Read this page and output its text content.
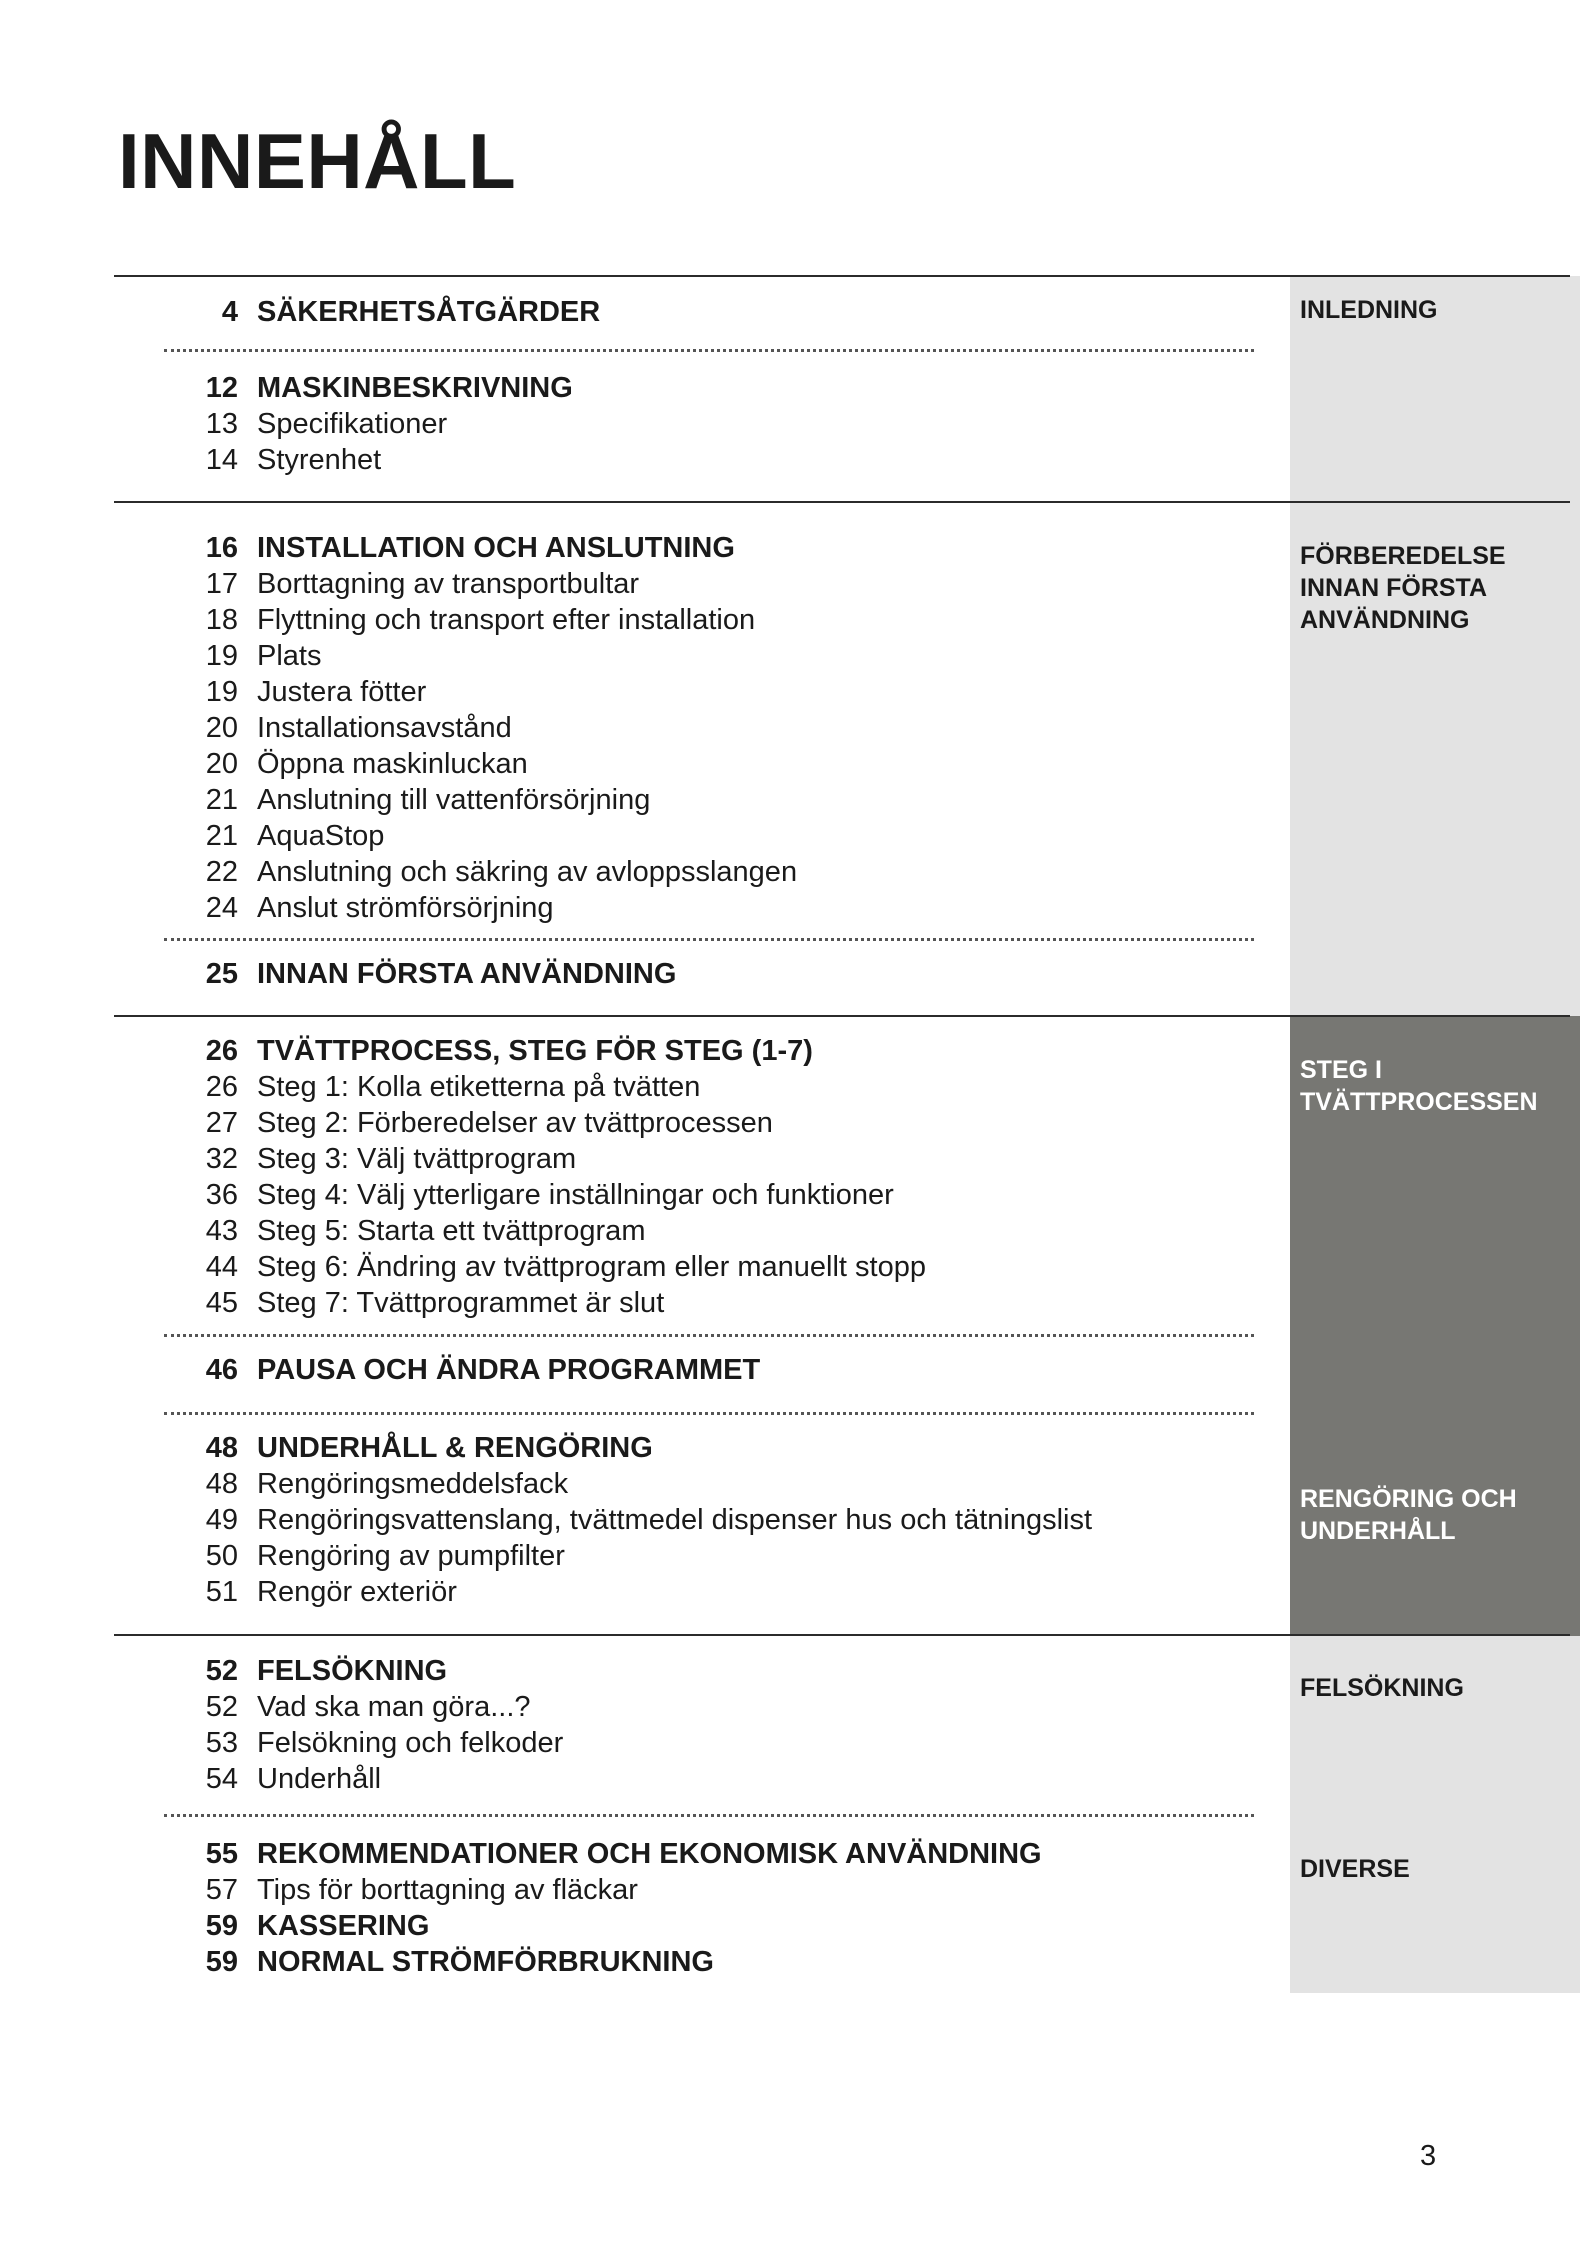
INNEHÅLL
INLEDNING
FÖRBEREDELSE
INNAN FÖRSTA
ANVÄNDNING
STEG I
TVÄTTPROCESSEN
RENGÖRING OCH
UNDERHÅLL
FELSÖKNING
DIVERSE
4 SÄKERHETSÅTGÄRDER
12 MASKINBESKRIVNING
13 Specifikationer
14 Styrenhet
16 INSTALLATION OCH ANSLUTNING
17 Borttagning av transportbultar
18 Flyttning och transport efter installation
19 Plats
19 Justera fötter
20 Installationsavstånd
20 Öppna maskinluckan
21 Anslutning till vattenförsörjning
21 AquaStop
22 Anslutning och säkring av avloppsslangen
24 Anslut strömförsörjning
25 INNAN FÖRSTA ANVÄNDNING
26 TVÄTTPROCESS, STEG FÖR STEG (1-7)
26 Steg 1: Kolla etiketterna på tvätten
27 Steg 2: Förberedelser av tvättprocessen
32 Steg 3: Välj tvättprogram
36 Steg 4: Välj ytterligare inställningar och funktioner
43 Steg 5: Starta ett tvättprogram
44 Steg 6: Ändring av tvättprogram eller manuellt stopp
45 Steg 7: Tvättprogrammet är slut
46 PAUSA OCH ÄNDRA PROGRAMMET
48 UNDERHÅLL & RENGÖRING
48 Rengöringsmeddelsfack
49 Rengöringsvattenslang, tvättmedel dispenser hus och tätningslist
50 Rengöring av pumpfilter
51 Rengör exteriör
52 FELSÖKNING
52 Vad ska man göra...?
53 Felsökning och felkoder
54 Underhåll
55 REKOMMENDATIONER OCH EKONOMISK ANVÄNDNING
57 Tips för borttagning av fläckar
59 KASSERING
59 NORMAL STRÖMFÖRBRUKNING
3
